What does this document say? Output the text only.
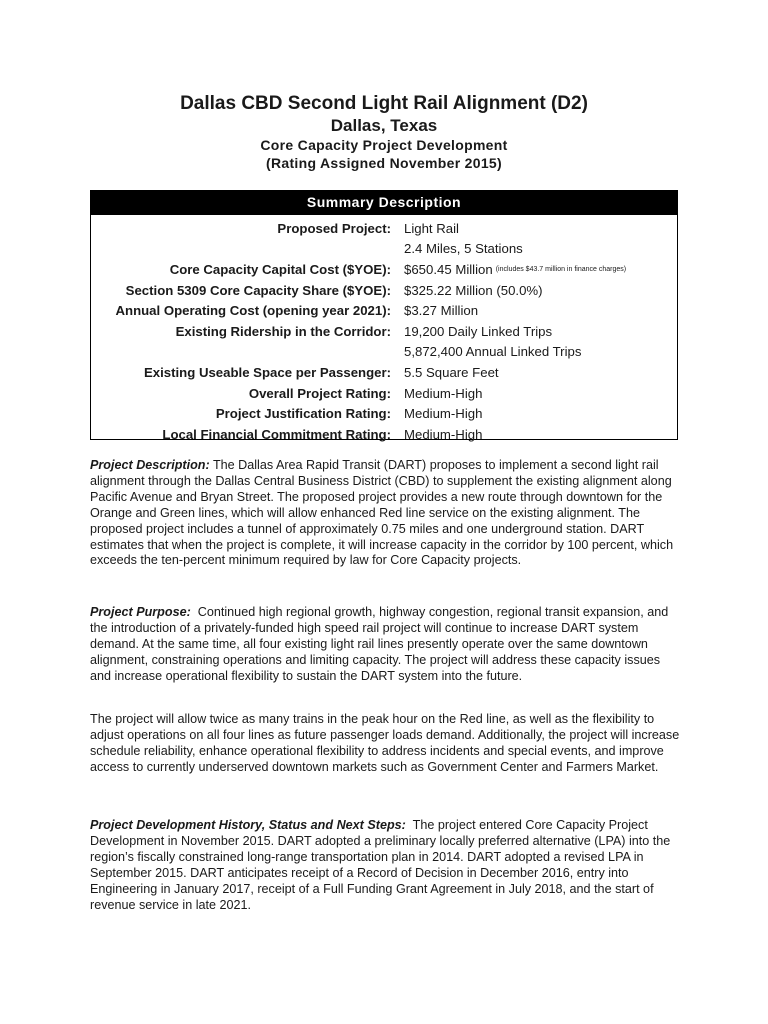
Dallas CBD Second Light Rail Alignment (D2)

Dallas, Texas

Core Capacity Project Development

(Rating Assigned November 2015)

Summary Description
Proposed Project: Light Rail
2.4 Miles, 5 Stations
Core Capacity Capital Cost ($YOE): $650.45 Million (includes $43.7 million in finance charges)
Section 5309 Core Capacity Share ($YOE): $325.22 Million (50.0%)
Annual Operating Cost (opening year 2021): $3.27 Million
Existing Ridership in the Corridor: 19,200 Daily Linked Trips
5,872,400 Annual Linked Trips
Existing Useable Space per Passenger: 5.5 Square Feet
Overall Project Rating: Medium-High
Project Justification Rating: Medium-High
Local Financial Commitment Rating: Medium-High

Project Description: The Dallas Area Rapid Transit (DART) proposes to implement a second light rail alignment through the Dallas Central Business District (CBD) to supplement the existing alignment along Pacific Avenue and Bryan Street. The proposed project provides a new route through downtown for the Orange and Green lines, which will allow enhanced Red line service on the existing alignment. The proposed project includes a tunnel of approximately 0.75 miles and one underground station. DART estimates that when the project is complete, it will increase capacity in the corridor by 100 percent, which exceeds the ten-percent minimum required by law for Core Capacity projects.

Project Purpose: Continued high regional growth, highway congestion, regional transit expansion, and the introduction of a privately-funded high speed rail project will continue to increase DART system demand. At the same time, all four existing light rail lines presently operate over the same downtown alignment, constraining operations and limiting capacity. The project will address these capacity issues and increase operational flexibility to sustain the DART system into the future.

The project will allow twice as many trains in the peak hour on the Red line, as well as the flexibility to adjust operations on all four lines as future passenger loads demand. Additionally, the project will increase schedule reliability, enhance operational flexibility to address incidents and special events, and improve access to currently underserved downtown markets such as Government Center and Farmers Market.

Project Development History, Status and Next Steps: The project entered Core Capacity Project Development in November 2015. DART adopted a preliminary locally preferred alternative (LPA) into the region’s fiscally constrained long-range transportation plan in 2014. DART adopted a revised LPA in September 2015. DART anticipates receipt of a Record of Decision in December 2016, entry into Engineering in January 2017, receipt of a Full Funding Grant Agreement in July 2018, and the start of revenue service in late 2021.
